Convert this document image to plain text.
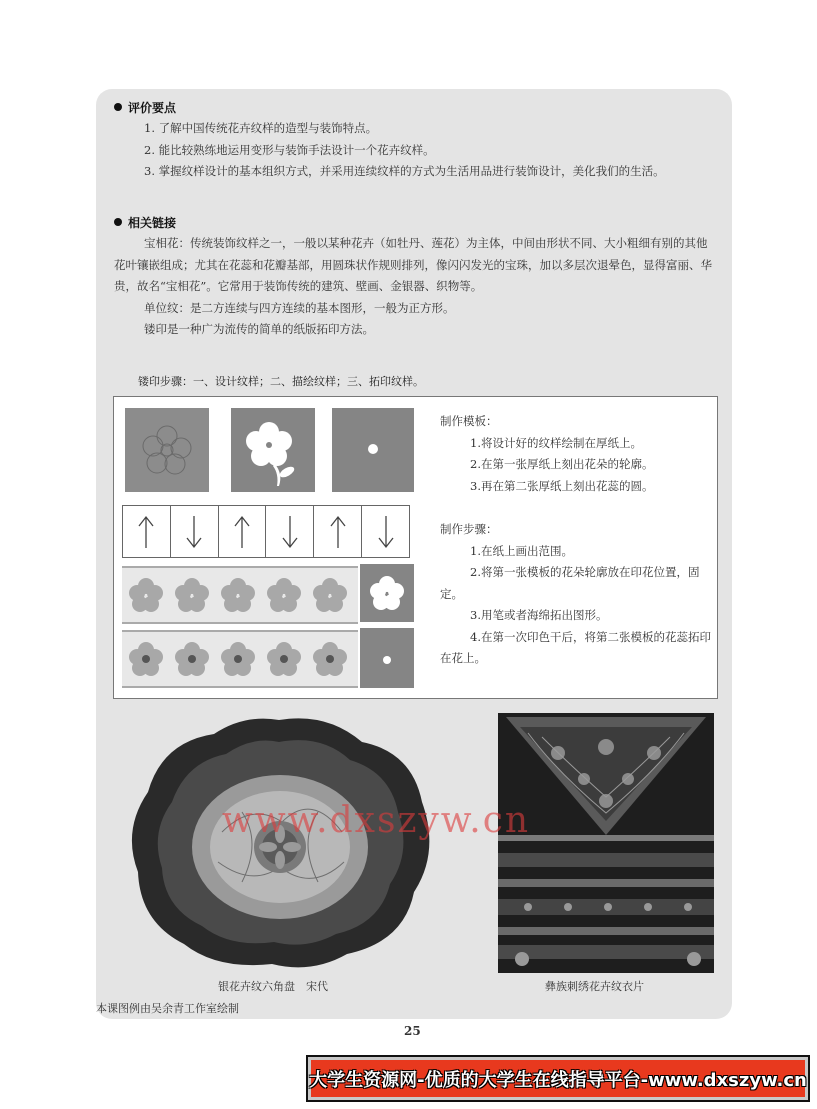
评价要点
1. 了解中国传统花卉纹样的造型与装饰特点。
2. 能比较熟练地运用变形与装饰手法设计一个花卉纹样。
3. 掌握纹样设计的基本组织方式，并采用连续纹样的方式为生活用品进行装饰设计，美化我们的生活。
相关链接
宝相花：传统装饰纹样之一，一般以某种花卉（如牡丹、莲花）为主体，中间由形状不同、大小粗细有别的其他花叶镶嵌组成；尤其在花蕊和花瓣基部，用圆珠状作规则排列，像闪闪发光的宝珠，加以多层次退晕色，显得富丽、华贵，故名“宝相花”。它常用于装饰传统的建筑、壁画、金银器、织物等。
单位纹：是二方连续与四方连续的基本图形，一般为正方形。
镂印是一种广为流传的简单的纸版拓印方法。
镂印步骤：一、设计纹样；二、描绘纹样；三、拓印纹样。
制作模板：
1.将设计好的纹样绘制在厚纸上。
2.在第一张厚纸上刻出花朵的轮廓。
3.再在第二张厚纸上刻出花蕊的圆。
制作步骤：
1.在纸上画出范围。
2.将第一张模板的花朵轮廓放在印花位置，固定。
3.用笔或者海绵拓出图形。
4.在第一次印色干后，将第二张模板的花蕊拓印在花上。
银花卉纹六角盘　宋代	彝族刺绣花卉纹衣片
www.dxszyw.cn
本课图例由吴余青工作室绘制
25
大学生资源网-优质的大学生在线指导平台-www.dxszyw.cn
